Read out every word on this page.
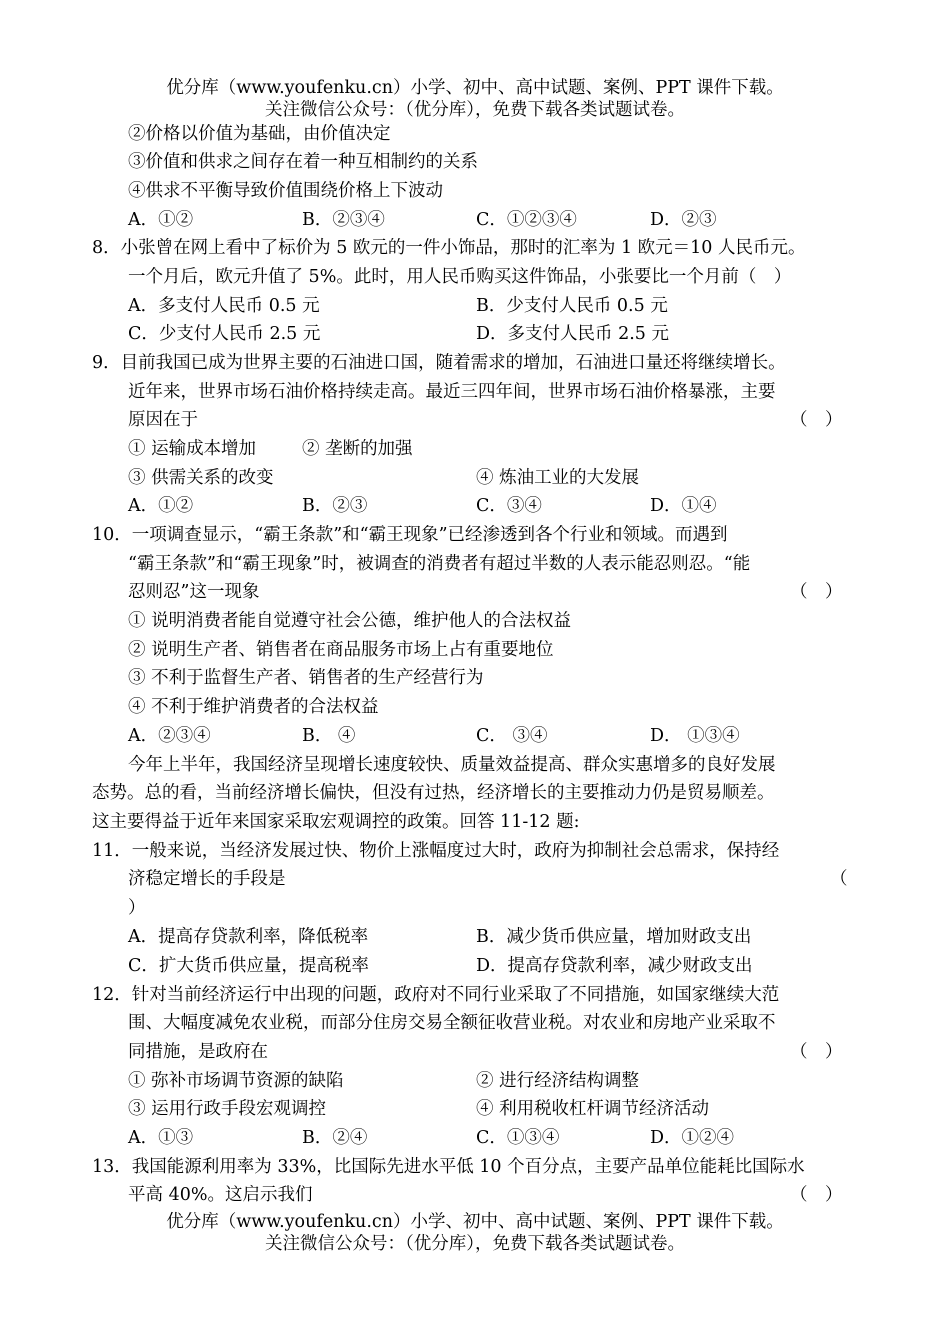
优分库（www.youfenku.cn）小学、初中、高中试题、案例、PPT 课件下载。
关注微信公众号：（优分库），免费下载各类试题试卷。
②价格以价值为基础，由价值决定
③价值和供求之间存在着一种互相制约的关系
④供求不平衡导致价值围绕价格上下波动
A．①②	B．②③④	C．①②③④	D．②③
8．小张曾在网上看中了标价为 5 欧元的一件小饰品，那时的汇率为 1 欧元＝10 人民币元。
一个月后，欧元升值了 5%。此时，用人民币购买这件饰品，小张要比一个月前（　）
A．多支付人民币 0.5 元	B．少支付人民币 0.5 元
C．少支付人民币 2.5 元	D．多支付人民币 2.5 元
9．目前我国已成为世界主要的石油进口国，随着需求的增加，石油进口量还将继续增长。
近年来，世界市场石油价格持续走高。最近三四年间，世界市场石油价格暴涨，主要
原因在于	（　）
① 运输成本增加	② 垄断的加强
③ 供需关系的改变	④ 炼油工业的大发展
A．①②	B．②③	C．③④	D．①④
10．一项调查显示，“霸王条款”和“霸王现象”已经渗透到各个行业和领域。而遇到
“霸王条款”和“霸王现象”时，被调查的消费者有超过半数的人表示能忍则忍。“能
忍则忍”这一现象	（　）
① 说明消费者能自觉遵守社会公德，维护他人的合法权益
② 说明生产者、销售者在商品服务市场上占有重要地位
③ 不利于监督生产者、销售者的生产经营行为
④ 不利于维护消费者的合法权益
A．②③④	B． ④	C． ③④	D． ①③④
今年上半年，我国经济呈现增长速度较快、质量效益提高、群众实惠增多的良好发展
态势。总的看，当前经济增长偏快，但没有过热，经济增长的主要推动力仍是贸易顺差。
这主要得益于近年来国家采取宏观调控的政策。回答 11-12 题:
11．一般来说，当经济发展过快、物价上涨幅度过大时，政府为抑制社会总需求，保持经
济稳定增长的手段是	（
）
A．提高存贷款利率，降低税率	B．减少货币供应量，增加财政支出
C．扩大货币供应量，提高税率	D．提高存贷款利率，减少财政支出
12．针对当前经济运行中出现的问题，政府对不同行业采取了不同措施，如国家继续大范
围、大幅度减免农业税，而部分住房交易全额征收营业税。对农业和房地产业采取不
同措施，是政府在	（　）
① 弥补市场调节资源的缺陷	② 进行经济结构调整
③ 运用行政手段宏观调控	④ 利用税收杠杆调节经济活动
A．①③	B．②④	C．①③④	D．①②④
13．我国能源利用率为 33%，比国际先进水平低 10 个百分点，主要产品单位能耗比国际水
平高 40%。这启示我们	（　）
优分库（www.youfenku.cn）小学、初中、高中试题、案例、PPT 课件下载。
关注微信公众号：（优分库），免费下载各类试题试卷。
